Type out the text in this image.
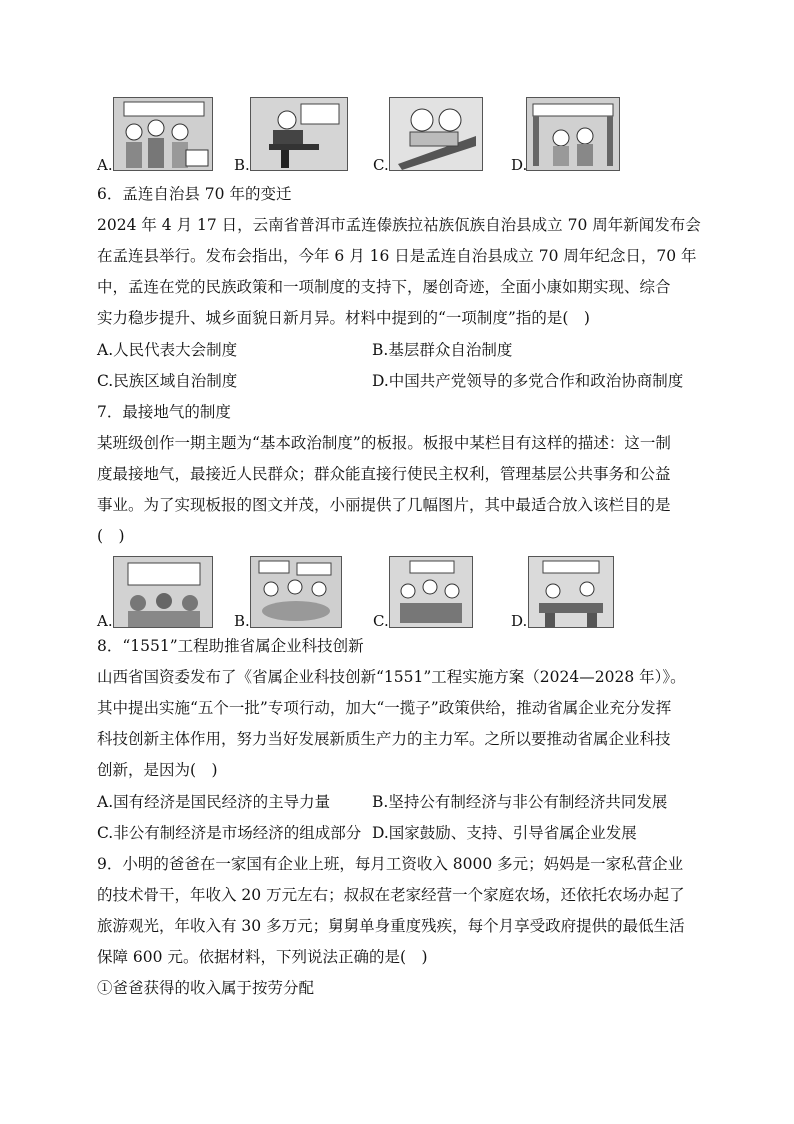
A.	B.	C.	D.
6．孟连自治县 70 年的变迁
2024 年 4 月 17 日，云南省普洱市孟连傣族拉祜族佤族自治县成立 70 周年新闻发布会
在孟连县举行。发布会指出，今年 6 月 16 日是孟连自治县成立 70 周年纪念日，70 年
中，孟连在党的民族政策和一项制度的支持下，屡创奇迹，全面小康如期实现、综合
实力稳步提升、城乡面貌日新月异。材料中提到的“一项制度”指的是(　)
A.人民代表大会制度	B.基层群众自治制度
C.民族区域自治制度	D.中国共产党领导的多党合作和政治协商制度
7．最接地气的制度
某班级创作一期主题为“基本政治制度”的板报。板报中某栏目有这样的描述：这一制
度最接地气，最接近人民群众；群众能直接行使民主权利，管理基层公共事务和公益
事业。为了实现板报的图文并茂，小丽提供了几幅图片，其中最适合放入该栏目的是
(　)
A.	B.	C.	D.
8．“1551”工程助推省属企业科技创新
山西省国资委发布了《省属企业科技创新“1551”工程实施方案（2024—2028 年）》。
其中提出实施“五个一批”专项行动，加大“一揽子”政策供给，推动省属企业充分发挥
科技创新主体作用，努力当好发展新质生产力的主力军。之所以要推动省属企业科技
创新，是因为(　)
A.国有经济是国民经济的主导力量	B.坚持公有制经济与非公有制经济共同发展
C.非公有制经济是市场经济的组成部分 D.国家鼓励、支持、引导省属企业发展
9．小明的爸爸在一家国有企业上班，每月工资收入 8000 多元；妈妈是一家私营企业
的技术骨干，年收入 20 万元左右；叔叔在老家经营一个家庭农场，还依托农场办起了
旅游观光，年收入有 30 多万元；舅舅单身重度残疾，每个月享受政府提供的最低生活
保障 600 元。依据材料，下列说法正确的是(　)
①爸爸获得的收入属于按劳分配
